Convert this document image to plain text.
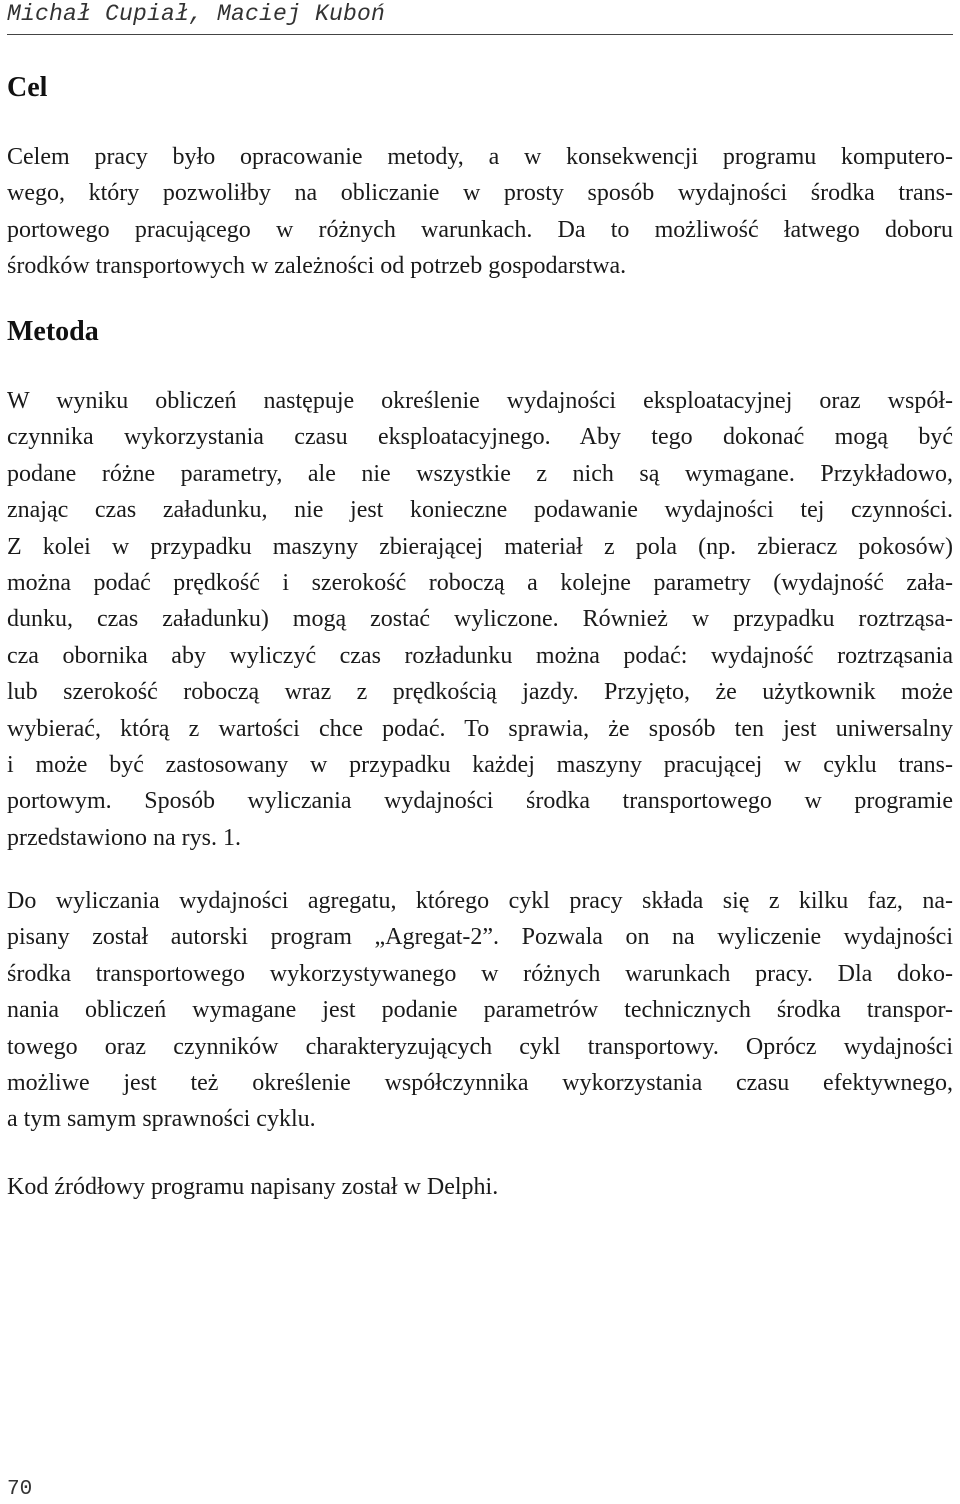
Michał Cupiał, Maciej Kuboń
Cel

Celem pracy było opracowanie metody, a w konsekwencji programu komputero-
wego, który pozwoliłby na obliczanie w prosty sposób wydajności środka trans-
portowego pracującego w różnych warunkach. Da to możliwość łatwego doboru
środków transportowych w zależności od potrzeb gospodarstwa.

Metoda

W wyniku obliczeń następuje określenie wydajności eksploatacyjnej oraz współ-
czynnika wykorzystania czasu eksploatacyjnego. Aby tego dokonać mogą być
podane różne parametry, ale nie wszystkie z nich są wymagane. Przykładowo,
znając czas załadunku, nie jest konieczne podawanie wydajności tej czynności.
Z kolei w przypadku maszyny zbierającej materiał z pola (np. zbieracz pokosów)
można podać prędkość i szerokość roboczą a kolejne parametry (wydajność zała-
dunku, czas załadunku) mogą zostać wyliczone. Również w przypadku roztrząsa-
cza obornika aby wyliczyć czas rozładunku można podać: wydajność roztrząsania
lub szerokość roboczą wraz z prędkością jazdy. Przyjęto, że użytkownik może
wybierać, którą z wartości chce podać. To sprawia, że sposób ten jest uniwersalny
i może być zastosowany w przypadku każdej maszyny pracującej w cyklu trans-
portowym. Sposób wyliczania wydajności środka transportowego w programie
przedstawiono na rys. 1.

Do wyliczania wydajności agregatu, którego cykl pracy składa się z kilku faz, na-
pisany został autorski program „Agregat-2”. Pozwala on na wyliczenie wydajności
środka transportowego wykorzystywanego w różnych warunkach pracy. Dla doko-
nania obliczeń wymagane jest podanie parametrów technicznych środka transpor-
towego oraz czynników charakteryzujących cykl transportowy. Oprócz wydajności
możliwe jest też określenie współczynnika wykorzystania czasu efektywnego,
a tym samym sprawności cyklu.

Kod źródłowy programu napisany został w Delphi.

70
